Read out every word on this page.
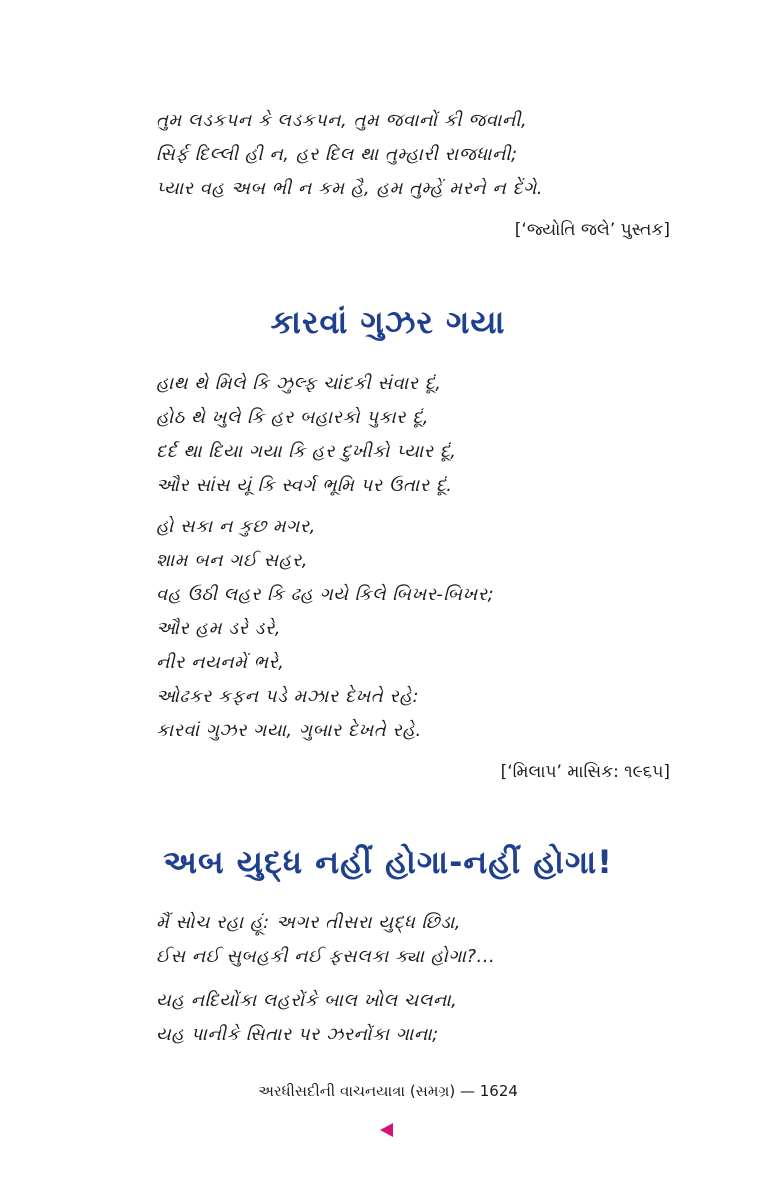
તુમ લડકપન કે લડકપન, તુમ જવાનોં કી જવાની,
સિર્ફ દિલ્લી હી ન, હર દિલ થા તુમ્હારી રાજધાની;
પ્યાર વહ અબ ભી ન કમ હૈ, હમ તુમ્હેં મરને ન દેંગે.
[‘જ્યોતિ જલે’ પુસ્તક]
કારવાં ગુઝર ગયા
હાથ થે મિલે કિ ઝુલ્ફ ચાંદકી સંવાર દૂં,
હોઠ થે ખુલે કિ હર બહારકો પુકાર દૂં,
દર્દ થા દિયા ગયા કિ હર દુખીકો પ્યાર દૂં,
ઔર સાંસ યૂં કિ સ્વર્ગ ભૂમિ પર ઉતાર દૂં.
હો સકા ન કુછ મગર,
શામ બન ગઈ સહર,
વહ ઉઠી લહર કિ ઢહ ગયે કિલે બિખર-બિખર;
ઔર હમ ડરે ડરે,
નીર નયનમેં ભરે,
ઓઢકર કફન પડે મઝાર દેખતે રહે:
કારવાં ગુઝર ગયા, ગુબાર દેખતે રહે.
[‘મિલાપ’ માસિક: ૧૯૬૫]
અબ યુદ્ધ નહીં હોગા-નહીં હોગા!
મૈં સોચ રહા હૂં: અગર તીસરા યુદ્ધ છિડા,
ઈસ નઈ સુબહકી નઈ ફસલકા ક્યા હોગા?...
યહ નદિયોંકા લહરોંકે બાલ ખોલ ચલના,
યહ પાનીકે સિતાર પર ઝરનોંકા ગાના;
અરધીસદીની વાચનયાત્રા (સમગ્ર) — 1624
